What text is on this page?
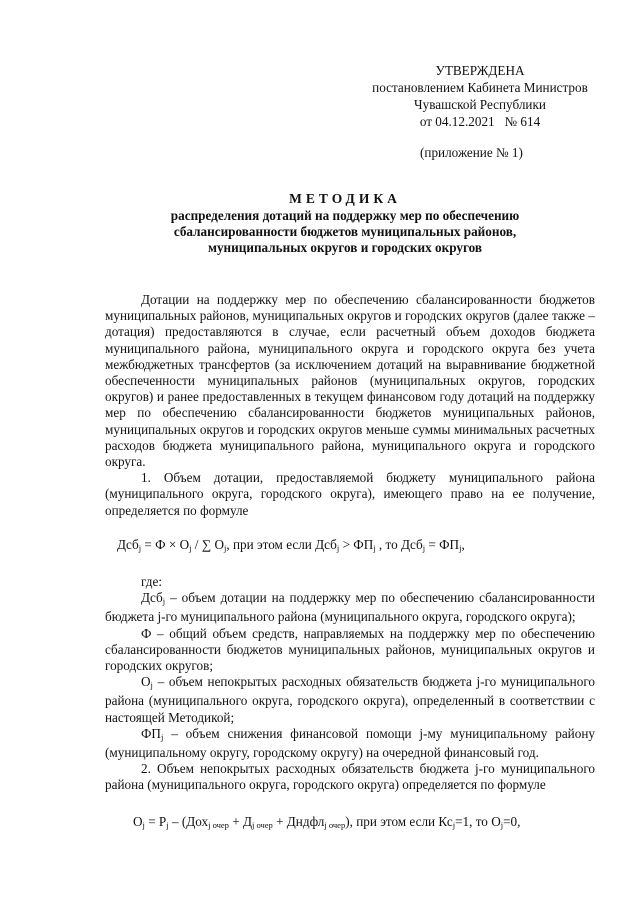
УТВЕРЖДЕНА
постановлением Кабинета Министров
Чувашской Республики
от 04.12.2021   № 614
(приложение № 1)
МЕТОДИКА
распределения дотаций на поддержку мер по обеспечению
сбалансированности бюджетов муниципальных районов,
муниципальных округов и городских округов

Дотации на поддержку мер по обеспечению сбалансированности бюджетов муниципальных районов, муниципальных округов и городских округов (далее также – дотация) предоставляются в случае, если расчетный объем доходов бюджета муниципального района, муниципального округа и городского округа без учета межбюджетных трансфертов (за исключением дотаций на выравнивание бюджетной обеспеченности муниципальных районов (муниципальных округов, городских округов) и ранее предоставленных в текущем финансовом году дотаций на поддержку мер по обеспечению сбалансированности бюджетов муниципальных районов, муниципальных округов и городских округов меньше суммы минимальных расчетных расходов бюджета муниципального района, муниципального округа и городского округа.

1. Объем дотации, предоставляемой бюджету муниципального района (муниципального округа, городского округа), имеющего право на ее получение, определяется по формуле

$Дсб_j = Ф \times O_j$ / ∑ $O_j$, при этом если $Дсб_j > ФП_j$ , то $Дсб_j = ФП_j$,

где:

Дсб$_j$ – объем дотации на поддержку мер по обеспечению сбалансированности бюджета j-го муниципального района (муниципального округа, городского округа);

Ф – общий объем средств, направляемых на поддержку мер по обеспечению сбалансированности бюджетов муниципальных районов, муниципальных округов и городских округов;

$O_j$ – объем непокрытых расходных обязательств бюджета j-го муниципального района (муниципального округа, городского округа), определенный в соответствии с настоящей Методикой;

$ФП_j$ – объем снижения финансовой помощи j-му муниципальному району (муниципальному округу, городскому округу) на очередной финансовый год.

2. Объем непокрытых расходных обязательств бюджета j-го муниципального района (муниципального округа, городского округа) определяется по формуле

$O_j = P_j - (Дох_{j очер} + Д_{j очер}$ + Дндфл$_{j очер}$), при этом если $Кс_j=1$, то $O_j=0$,
